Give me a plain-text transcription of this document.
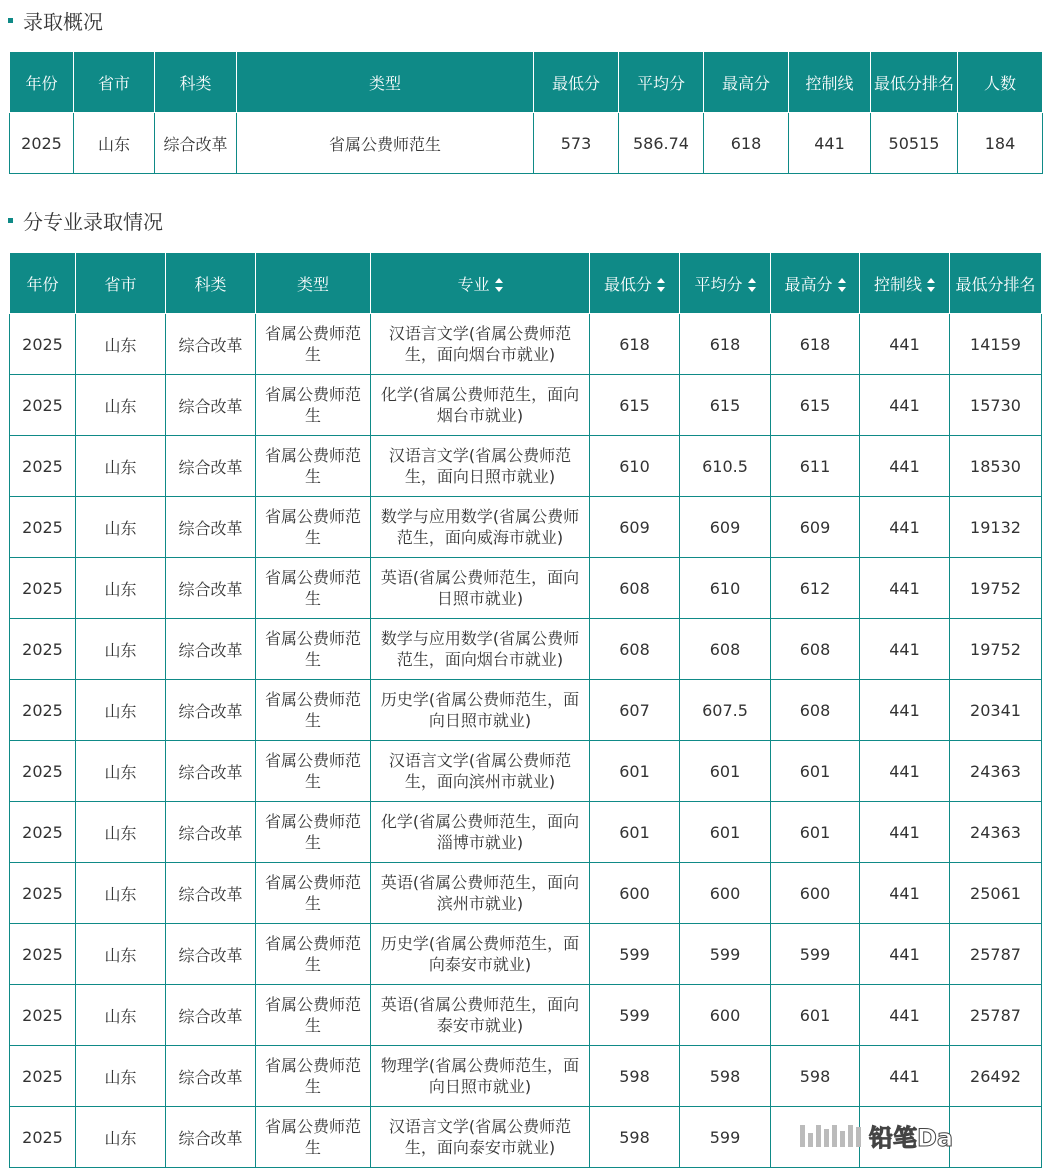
录取概况
年份	省市	科类	类型	最低分	平均分	最高分	控制线	最低分排名	人数
2025	山东	综合改革	省属公费师范生	573	586.74	618	441	50515	184
分专业录取情况
年份	省市	科类	类型	专业	最低分	平均分	最高分	控制线	最低分排名
2025	山东	综合改革	省属公费师范生	汉语言文学(省属公费师范生，面向烟台市就业)	618	618	618	441	14159
2025	山东	综合改革	省属公费师范生	化学(省属公费师范生，面向烟台市就业)	615	615	615	441	15730
2025	山东	综合改革	省属公费师范生	汉语言文学(省属公费师范生，面向日照市就业)	610	610.5	611	441	18530
2025	山东	综合改革	省属公费师范生	数学与应用数学(省属公费师范生，面向威海市就业)	609	609	609	441	19132
2025	山东	综合改革	省属公费师范生	英语(省属公费师范生，面向日照市就业)	608	610	612	441	19752
2025	山东	综合改革	省属公费师范生	数学与应用数学(省属公费师范生，面向烟台市就业)	608	608	608	441	19752
2025	山东	综合改革	省属公费师范生	历史学(省属公费师范生，面向日照市就业)	607	607.5	608	441	20341
2025	山东	综合改革	省属公费师范生	汉语言文学(省属公费师范生，面向滨州市就业)	601	601	601	441	24363
2025	山东	综合改革	省属公费师范生	化学(省属公费师范生，面向淄博市就业)	601	601	601	441	24363
2025	山东	综合改革	省属公费师范生	英语(省属公费师范生，面向滨州市就业)	600	600	600	441	25061
2025	山东	综合改革	省属公费师范生	历史学(省属公费师范生，面向泰安市就业)	599	599	599	441	25787
2025	山东	综合改革	省属公费师范生	英语(省属公费师范生，面向泰安市就业)	599	600	601	441	25787
2025	山东	综合改革	省属公费师范生	物理学(省属公费师范生，面向日照市就业)	598	598	598	441	26492
2025	山东	综合改革	省属公费师范生	汉语言文学(省属公费师范生，面向泰安市就业)	598	599				铅笔Da
